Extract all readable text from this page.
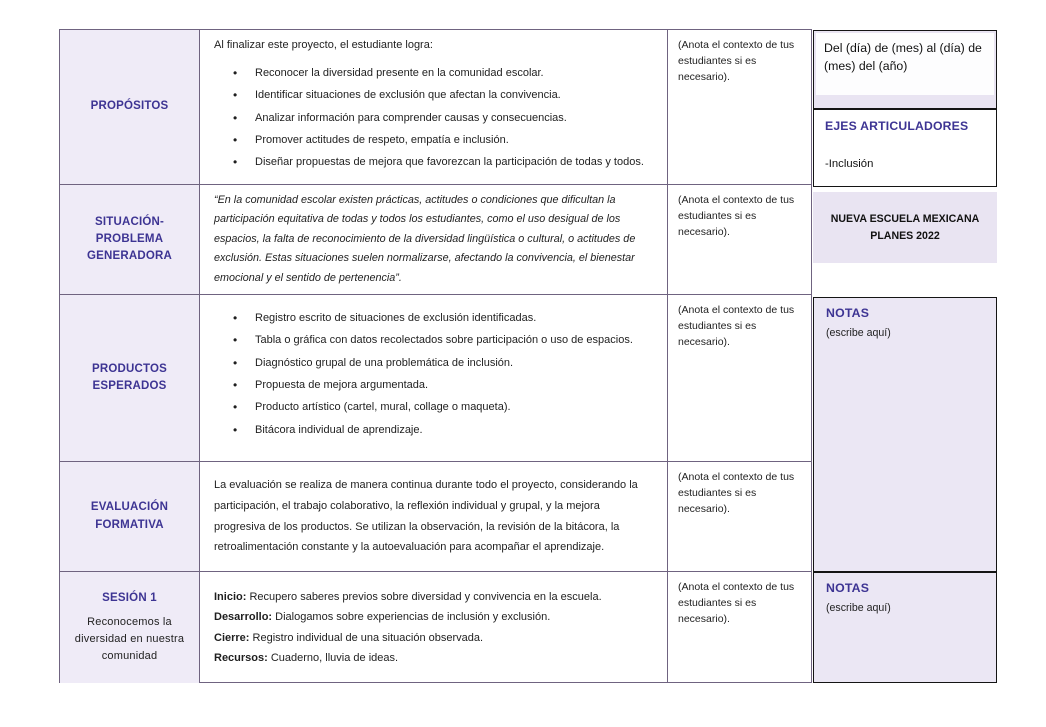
PROPÓSITOS

Al finalizar este proyecto, el estudiante logra:

• Reconocer la diversidad presente en la comunidad escolar.
• Identificar situaciones de exclusión que afectan la convivencia.
• Analizar información para comprender causas y consecuencias.
• Promover actitudes de respeto, empatía e inclusión.
• Diseñar propuestas de mejora que favorezcan la participación de todas y todos.
(Anota el contexto de tus estudiantes si es necesario).
SITUACIÓN-PROBLEMA GENERADORA

“En la comunidad escolar existen prácticas, actitudes o condiciones que dificultan la participación equitativa de todas y todos los estudiantes, como el uso desigual de los espacios, la falta de reconocimiento de la diversidad lingüística o cultural, o actitudes de exclusión. Estas situaciones suelen normalizarse, afectando la convivencia, el bienestar emocional y el sentido de pertenencia”.

(Anota el contexto de tus estudiantes si es necesario).
PRODUCTOS ESPERADOS
• Registro escrito de situaciones de exclusión identificadas.
• Tabla o gráfica con datos recolectados sobre participación o uso de espacios.
• Diagnóstico grupal de una problemática de inclusión.
• Propuesta de mejora argumentada.
• Producto artístico (cartel, mural, collage o maqueta).
• Bitácora individual de aprendizaje.
(Anota el contexto de tus estudiantes si es necesario).
EVALUACIÓN FORMATIVA

La evaluación se realiza de manera continua durante todo el proyecto, considerando la participación, el trabajo colaborativo, la reflexión individual y grupal, y la mejora progresiva de los productos. Se utilizan la observación, la revisión de la bitácora, la retroalimentación constante y la autoevaluación para acompañar el aprendizaje.

(Anota el contexto de tus estudiantes si es necesario).
SESIÓN 1
Reconocemos la diversidad en nuestra comunidad

Inicio: Recupero saberes previos sobre diversidad y convivencia en la escuela.

Desarrollo: Dialogamos sobre experiencias de inclusión y exclusión.

Cierre: Registro individual de una situación observada.

Recursos: Cuaderno, lluvia de ideas.

(Anota el contexto de tus estudiantes si es necesario).
Del (día) de (mes) al (día) de (mes) del (año)
EJES ARTICULADORES
-Inclusión
NUEVA ESCUELA MEXICANA
PLANES 2022
NOTAS
(escribe aquí)
NOTAS
(escribe aquí)
